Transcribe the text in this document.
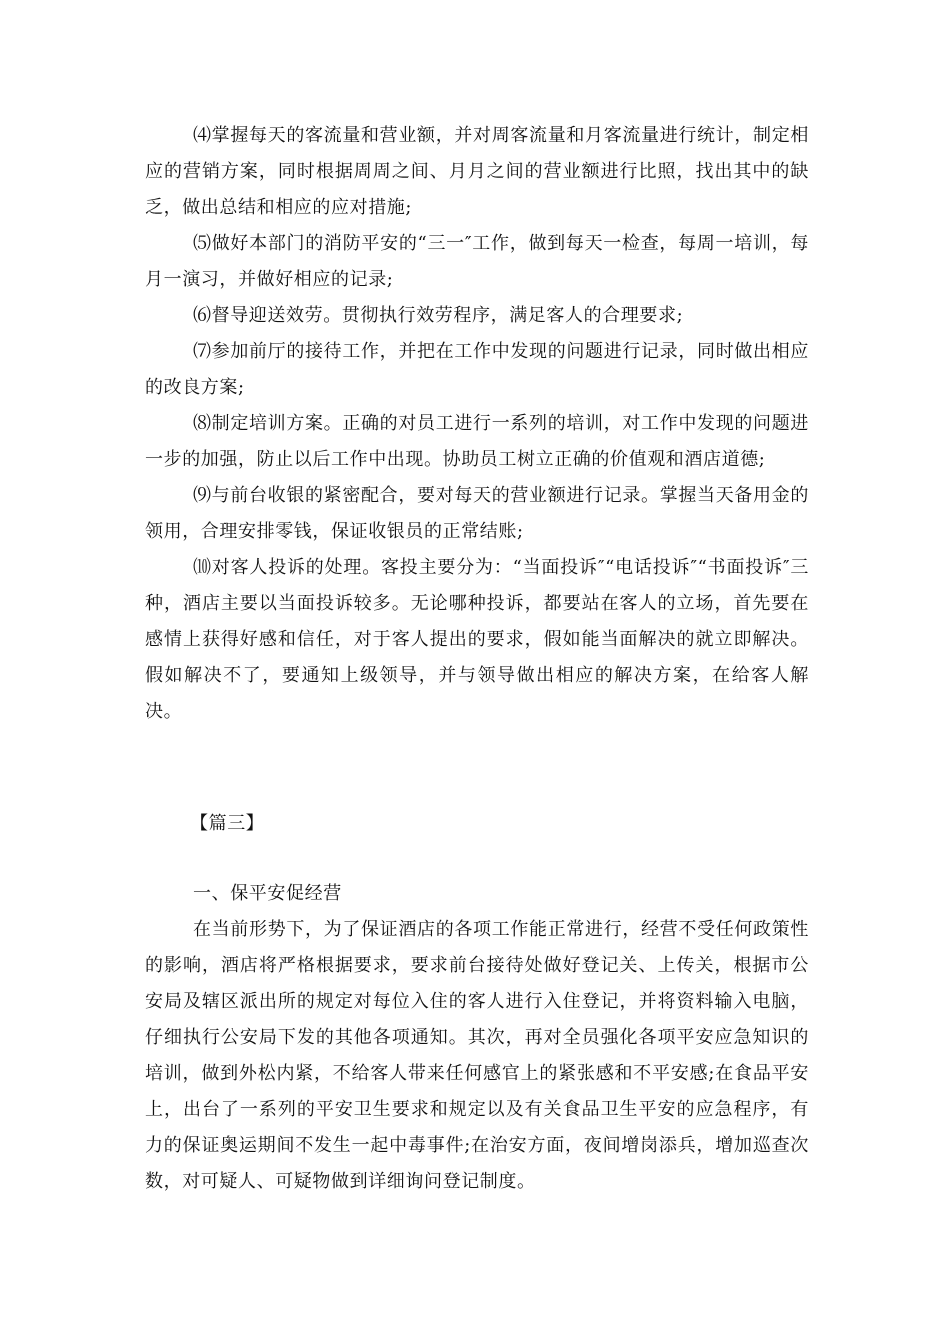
⑷掌握每天的客流量和营业额，并对周客流量和月客流量进行统计，制定相应的营销方案，同时根据周周之间、月月之间的营业额进行比照，找出其中的缺乏，做出总结和相应的应对措施;

⑸做好本部门的消防平安的“三一″工作，做到每天一检查，每周一培训，每月一演习，并做好相应的记录;

⑹督导迎送效劳。贯彻执行效劳程序，满足客人的合理要求;

⑺参加前厅的接待工作，并把在工作中发现的问题进行记录，同时做出相应的改良方案;

⑻制定培训方案。正确的对员工进行一系列的培训，对工作中发现的问题进一步的加强，防止以后工作中出现。协助员工树立正确的价值观和酒店道德;

⑼与前台收银的紧密配合，要对每天的营业额进行记录。掌握当天备用金的领用，合理安排零钱，保证收银员的正常结账;

⑽对客人投诉的处理。客投主要分为：“当面投诉″“电话投诉″“书面投诉″三种，酒店主要以当面投诉较多。无论哪种投诉，都要站在客人的立场，首先要在感情上获得好感和信任，对于客人提出的要求，假如能当面解决的就立即解决。假如解决不了，要通知上级领导，并与领导做出相应的解决方案，在给客人解决。

【篇三】

一、保平安促经营

在当前形势下，为了保证酒店的各项工作能正常进行，经营不受任何政策性的影响，酒店将严格根据要求，要求前台接待处做好登记关、上传关，根据市公安局及辖区派出所的规定对每位入住的客人进行入住登记，并将资料输入电脑，仔细执行公安局下发的其他各项通知。其次，再对全员强化各项平安应急知识的培训，做到外松内紧，不给客人带来任何感官上的紧张感和不平安感;在食品平安上，出台了一系列的平安卫生要求和规定以及有关食品卫生平安的应急程序，有力的保证奥运期间不发生一起中毒事件;在治安方面，夜间增岗添兵，增加巡查次数，对可疑人、可疑物做到详细询问登记制度。
